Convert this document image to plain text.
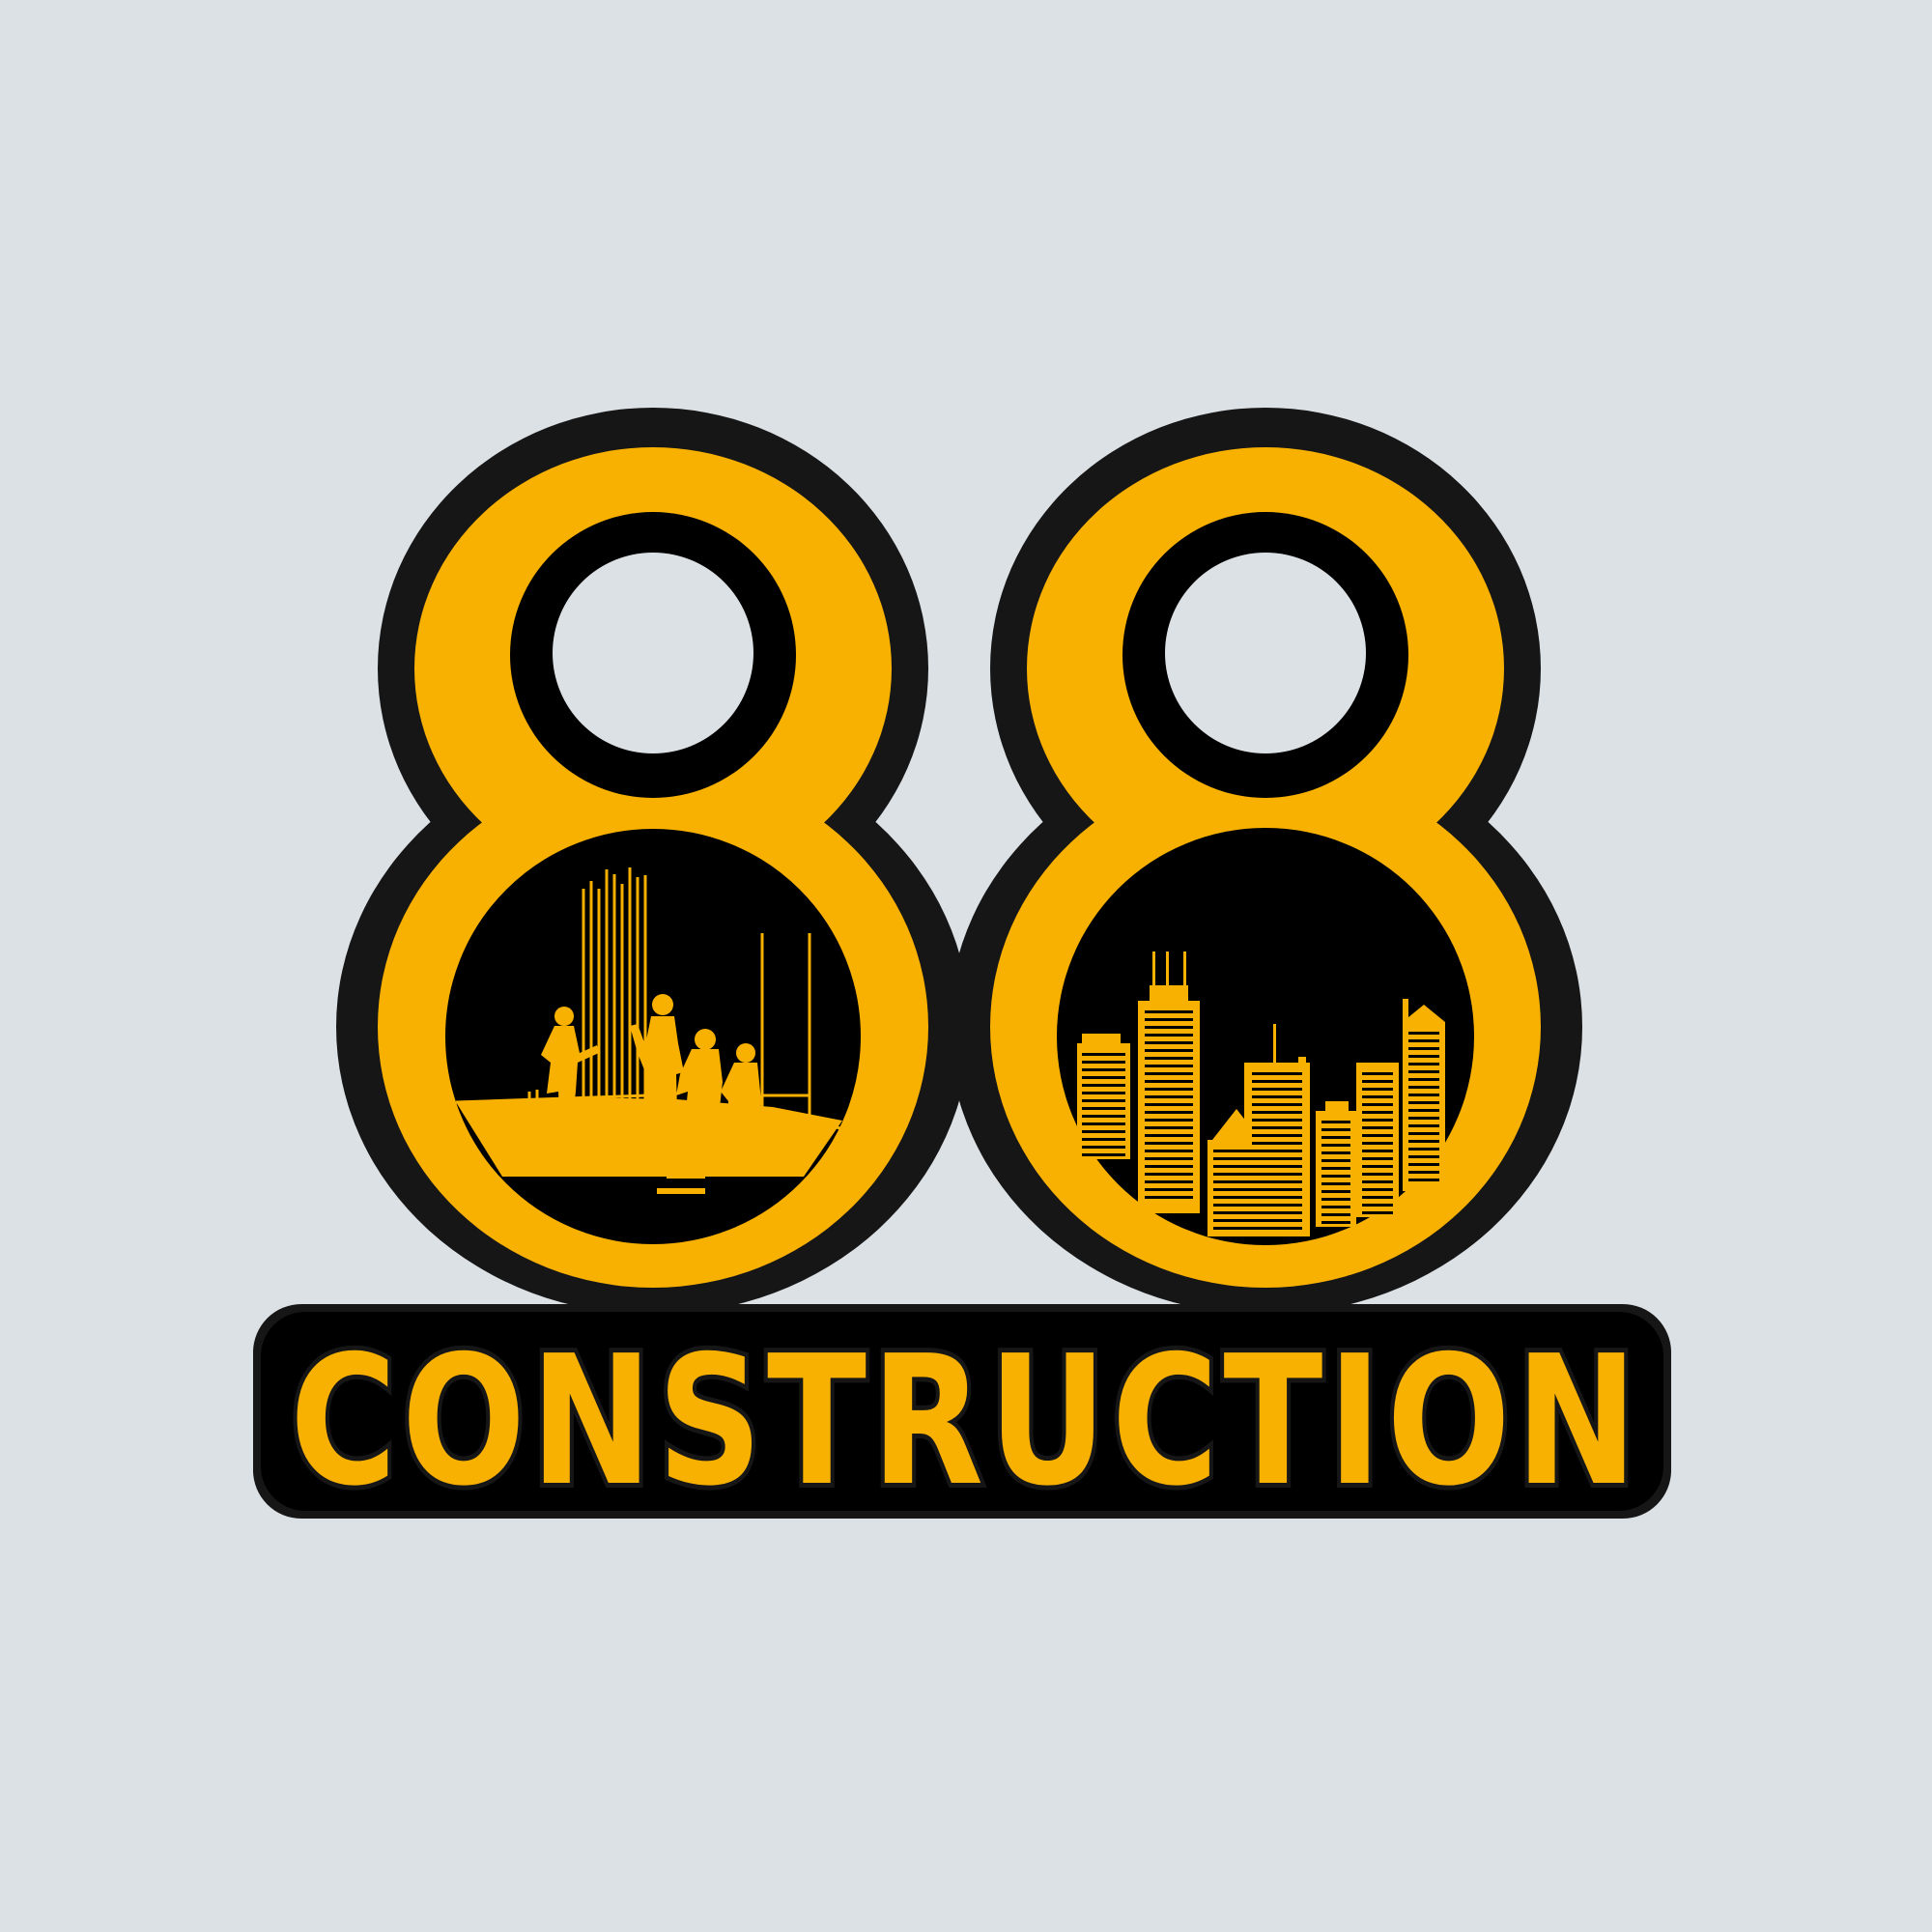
CONSTRUCTION
